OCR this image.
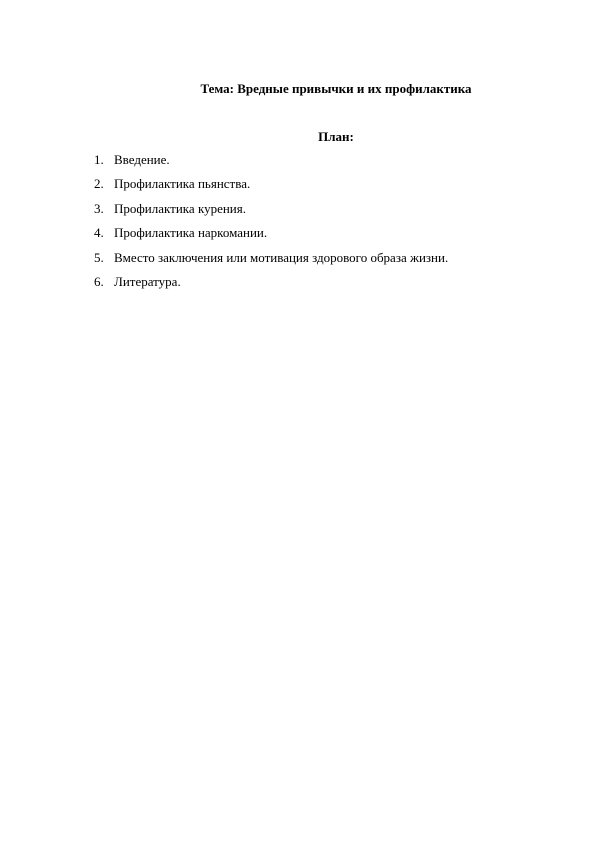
Тема: Вредные привычки и их профилактика
План:
1. Введение.
2. Профилактика пьянства.
3. Профилактика курения.
4. Профилактика наркомании.
5. Вместо заключения или мотивация здорового образа жизни.
6. Литература.
